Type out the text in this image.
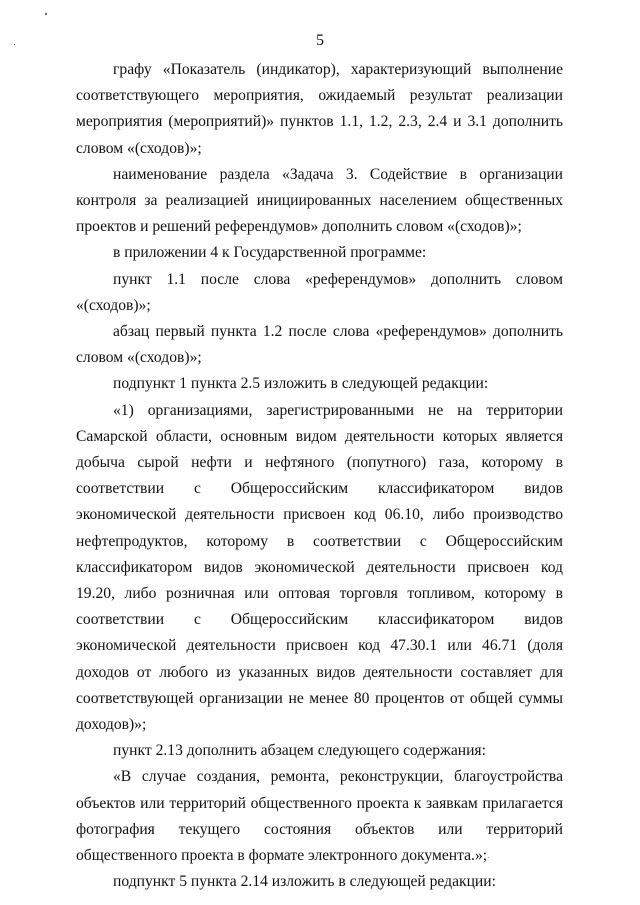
5

графу «Показатель (индикатор), характеризующий выполнение соответствующего мероприятия, ожидаемый результат реализации мероприятия (мероприятий)» пунктов 1.1, 1.2, 2.3, 2.4 и 3.1 дополнить словом «(сходов)»;

наименование раздела «Задача 3. Содействие в организации контроля за реализацией инициированных населением общественных проектов и решений референдумов» дополнить словом «(сходов)»;

в приложении 4 к Государственной программе:

пункт 1.1 после слова «референдумов» дополнить словом «(сходов)»;

абзац первый пункта 1.2 после слова «референдумов» дополнить словом «(сходов)»;

подпункт 1 пункта 2.5 изложить в следующей редакции:

«1) организациями, зарегистрированными не на территории Самарской области, основным видом деятельности которых является добыча сырой нефти и нефтяного (попутного) газа, которому в соответствии с Общероссийским классификатором видов экономической деятельности присвоен код 06.10, либо производство нефтепродуктов, которому в соответствии с Общероссийским классификатором видов экономической деятельности присвоен код 19.20, либо розничная или оптовая торговля топливом, которому в соответствии с Общероссийским классификатором видов экономической деятельности присвоен код 47.30.1 или 46.71 (доля доходов от любого из указанных видов деятельности составляет для соответствующей организации не менее 80 процентов от общей суммы доходов)»;

пункт 2.13 дополнить абзацем следующего содержания:

«В случае создания, ремонта, реконструкции, благоустройства объектов или территорий общественного проекта к заявкам прилагается фотография текущего состояния объектов или территорий общественного проекта в формате электронного документа.»;

подпункт 5 пункта 2.14 изложить в следующей редакции:
